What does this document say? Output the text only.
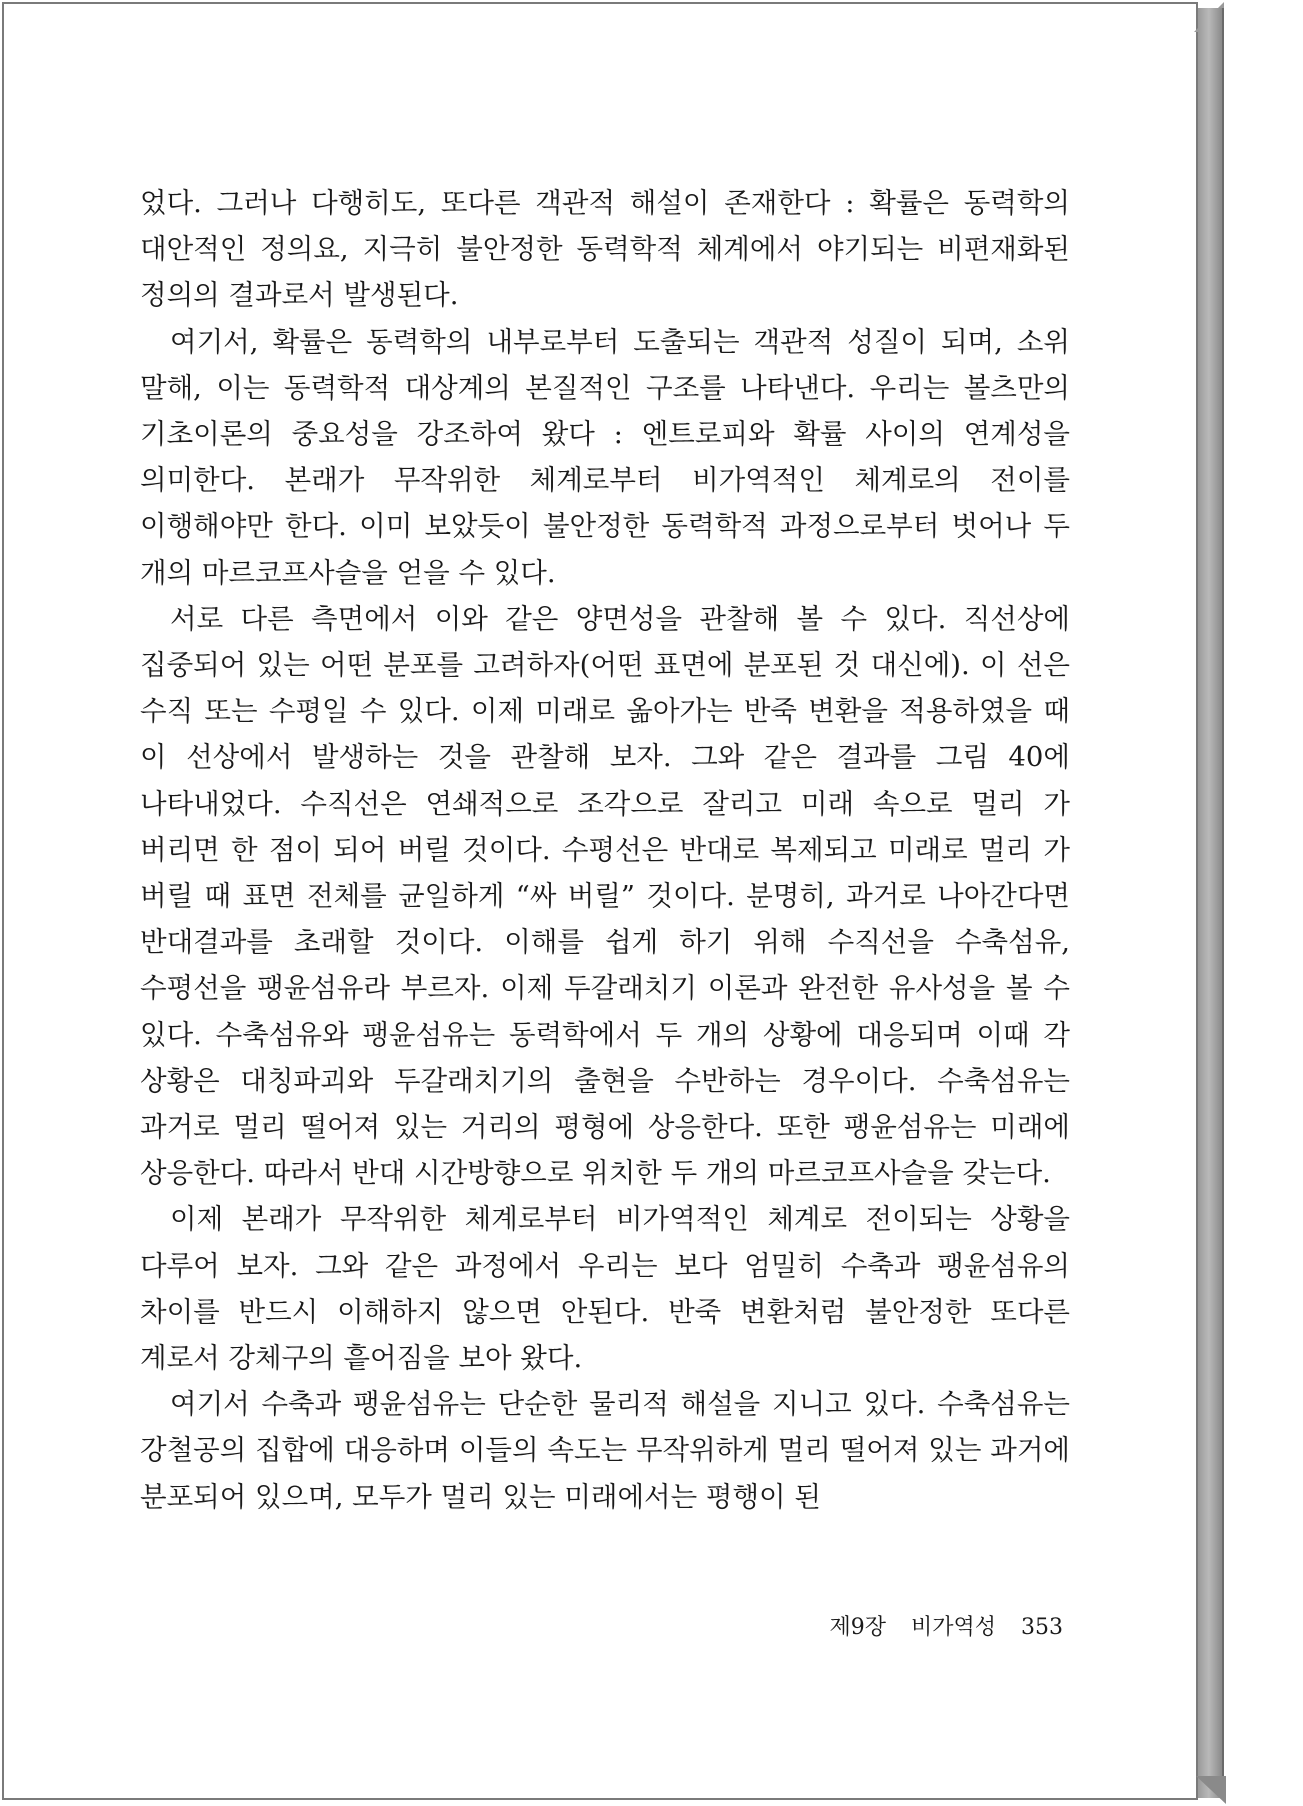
었다. 그러나 다행히도, 또다른 객관적 해설이 존재한다 : 확률은 동력학의 대안적인 정의요, 지극히 불안정한 동력학적 체계에서 야기되는 비편재화된 정의의 결과로서 발생된다.

여기서, 확률은 동력학의 내부로부터 도출되는 객관적 성질이 되며, 소위 말해, 이는 동력학적 대상계의 본질적인 구조를 나타낸다. 우리는 볼츠만의 기초이론의 중요성을 강조하여 왔다 : 엔트로피와 확률 사이의 연계성을 의미한다. 본래가 무작위한 체계로부터 비가역적인 체계로의 전이를 이행해야만 한다. 이미 보았듯이 불안정한 동력학적 과정으로부터 벗어나 두 개의 마르코프사슬을 얻을 수 있다.

서로 다른 측면에서 이와 같은 양면성을 관찰해 볼 수 있다. 직선상에 집중되어 있는 어떤 분포를 고려하자(어떤 표면에 분포된 것 대신에). 이 선은 수직 또는 수평일 수 있다. 이제 미래로 옮아가는 반죽 변환을 적용하였을 때 이 선상에서 발생하는 것을 관찰해 보자. 그와 같은 결과를 그림 40에 나타내었다. 수직선은 연쇄적으로 조각으로 잘리고 미래 속으로 멀리 가 버리면 한 점이 되어 버릴 것이다. 수평선은 반대로 복제되고 미래로 멀리 가 버릴 때 표면 전체를 균일하게 “싸 버릴” 것이다. 분명히, 과거로 나아간다면 반대결과를 초래할 것이다. 이해를 쉽게 하기 위해 수직선을 수축섬유, 수평선을 팽윤섬유라 부르자. 이제 두갈래치기 이론과 완전한 유사성을 볼 수 있다. 수축섬유와 팽윤섬유는 동력학에서 두 개의 상황에 대응되며 이때 각 상황은 대칭파괴와 두갈래치기의 출현을 수반하는 경우이다. 수축섬유는 과거로 멀리 떨어져 있는 거리의 평형에 상응한다. 또한 팽윤섬유는 미래에 상응한다. 따라서 반대 시간방향으로 위치한 두 개의 마르코프사슬을 갖는다.

이제 본래가 무작위한 체계로부터 비가역적인 체계로 전이되는 상황을 다루어 보자. 그와 같은 과정에서 우리는 보다 엄밀히 수축과 팽윤섬유의 차이를 반드시 이해하지 않으면 안된다. 반죽 변환처럼 불안정한 또다른 계로서 강체구의 흩어짐을 보아 왔다.

여기서 수축과 팽윤섬유는 단순한 물리적 해설을 지니고 있다. 수축섬유는 강철공의 집합에 대응하며 이들의 속도는 무작위하게 멀리 떨어져 있는 과거에 분포되어 있으며, 모두가 멀리 있는 미래에서는 평행이 된

제9장 비가역성 353
